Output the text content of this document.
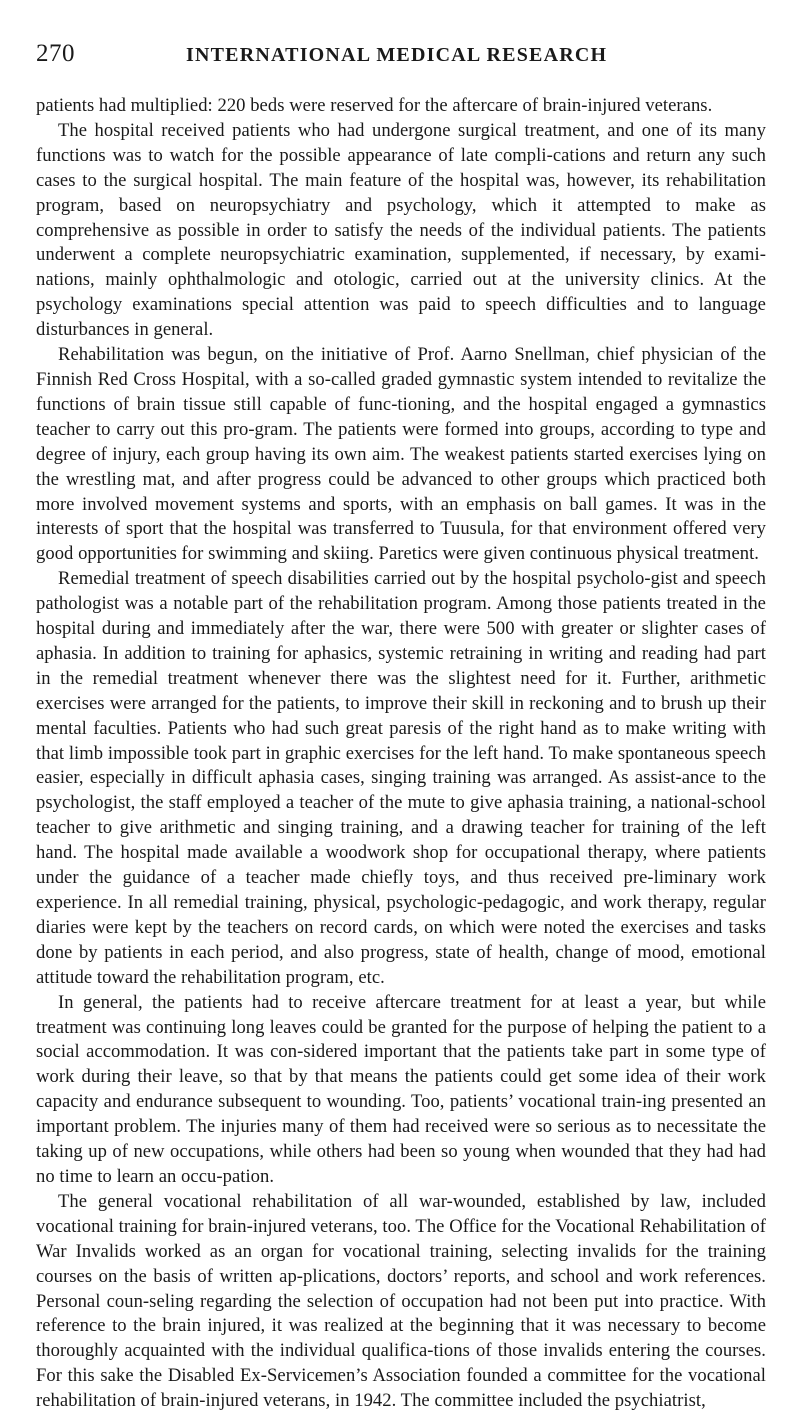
270	INTERNATIONAL MEDICAL RESEARCH

patients had multiplied: 220 beds were reserved for the aftercare of brain-injured veterans.

The hospital received patients who had undergone surgical treatment, and one of its many functions was to watch for the possible appearance of late compli-cations and return any such cases to the surgical hospital. The main feature of the hospital was, however, its rehabilitation program, based on neuropsychiatry and psychology, which it attempted to make as comprehensive as possible in order to satisfy the needs of the individual patients. The patients underwent a complete neuropsychiatric examination, supplemented, if necessary, by exami-nations, mainly ophthalmologic and otologic, carried out at the university clinics. At the psychology examinations special attention was paid to speech difficulties and to language disturbances in general.

Rehabilitation was begun, on the initiative of Prof. Aarno Snellman, chief physician of the Finnish Red Cross Hospital, with a so-called graded gymnastic system intended to revitalize the functions of brain tissue still capable of func-tioning, and the hospital engaged a gymnastics teacher to carry out this pro-gram. The patients were formed into groups, according to type and degree of injury, each group having its own aim. The weakest patients started exercises lying on the wrestling mat, and after progress could be advanced to other groups which practiced both more involved movement systems and sports, with an emphasis on ball games. It was in the interests of sport that the hospital was transferred to Tuusula, for that environment offered very good opportunities for swimming and skiing. Paretics were given continuous physical treatment.

Remedial treatment of speech disabilities carried out by the hospital psycholo-gist and speech pathologist was a notable part of the rehabilitation program. Among those patients treated in the hospital during and immediately after the war, there were 500 with greater or slighter cases of aphasia. In addition to training for aphasics, systemic retraining in writing and reading had part in the remedial treatment whenever there was the slightest need for it. Further, arithmetic exercises were arranged for the patients, to improve their skill in reckoning and to brush up their mental faculties. Patients who had such great paresis of the right hand as to make writing with that limb impossible took part in graphic exercises for the left hand. To make spontaneous speech easier, especially in difficult aphasia cases, singing training was arranged. As assist-ance to the psychologist, the staff employed a teacher of the mute to give aphasia training, a national-school teacher to give arithmetic and singing training, and a drawing teacher for training of the left hand. The hospital made available a woodwork shop for occupational therapy, where patients under the guidance of a teacher made chiefly toys, and thus received pre-liminary work experience. In all remedial training, physical, psychologic-pedagogic, and work therapy, regular diaries were kept by the teachers on record cards, on which were noted the exercises and tasks done by patients in each period, and also progress, state of health, change of mood, emotional attitude toward the rehabilitation program, etc.

In general, the patients had to receive aftercare treatment for at least a year, but while treatment was continuing long leaves could be granted for the purpose of helping the patient to a social accommodation. It was con-sidered important that the patients take part in some type of work during their leave, so that by that means the patients could get some idea of their work capacity and endurance subsequent to wounding. Too, patients’ vocational train-ing presented an important problem. The injuries many of them had received were so serious as to necessitate the taking up of new occupations, while others had been so young when wounded that they had had no time to learn an occu-pation.

The general vocational rehabilitation of all war-wounded, established by law, included vocational training for brain-injured veterans, too. The Office for the Vocational Rehabilitation of War Invalids worked as an organ for vocational training, selecting invalids for the training courses on the basis of written ap-plications, doctors’ reports, and school and work references. Personal coun-seling regarding the selection of occupation had not been put into practice. With reference to the brain injured, it was realized at the beginning that it was necessary to become thoroughly acquainted with the individual qualifica-tions of those invalids entering the courses. For this sake the Disabled Ex-Servicemen’s Association founded a committee for the vocational rehabilitation of brain-injured veterans, in 1942. The committee included the psychiatrist,
